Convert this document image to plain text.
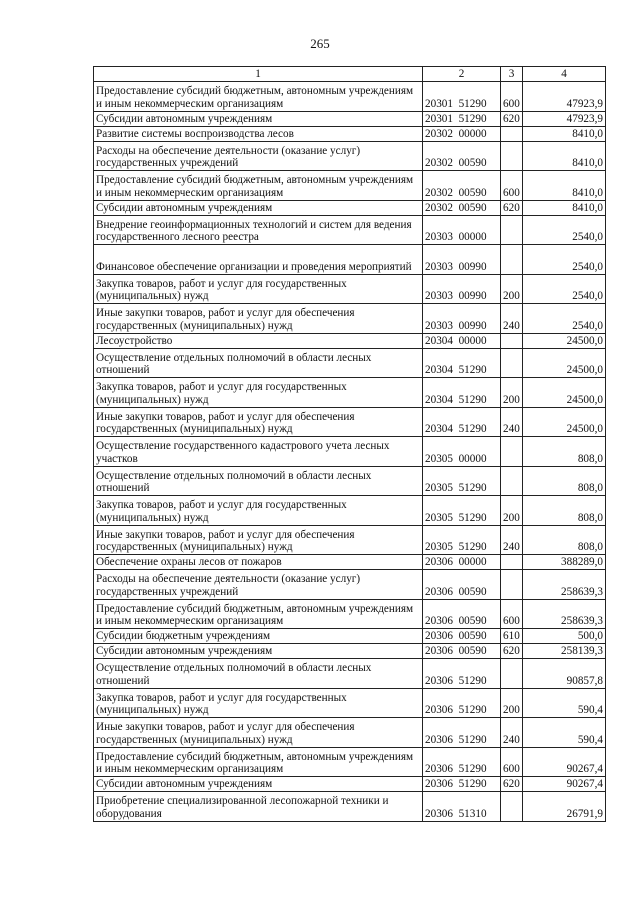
265
1	2	3	4
Предоставление субсидий бюджетным, автономным учреждениям и иным некоммерческим организациям	20301  51290	600	47923,9
Субсидии автономным учреждениям	20301  51290	620	47923,9
Развитие системы воспроизводства лесов	20302  00000		8410,0
Расходы на обеспечение деятельности (оказание услуг) государственных учреждений	20302  00590		8410,0
Предоставление субсидий бюджетным, автономным учреждениям и иным некоммерческим организациям	20302  00590	600	8410,0
Субсидии автономным учреждениям	20302  00590	620	8410,0
Внедрение геоинформационных технологий и систем для ведения государственного лесного реестра	20303  00000		2540,0
Финансовое обеспечение организации и проведения мероприятий	20303  00990		2540,0
Закупка товаров, работ и услуг для государственных (муниципальных) нужд	20303  00990	200	2540,0
Иные закупки товаров, работ и услуг для обеспечения государственных (муниципальных) нужд	20303  00990	240	2540,0
Лесоустройство	20304  00000		24500,0
Осуществление отдельных полномочий в области лесных отношений	20304  51290		24500,0
Закупка товаров, работ и услуг для государственных (муниципальных) нужд	20304  51290	200	24500,0
Иные закупки товаров, работ и услуг для обеспечения государственных (муниципальных) нужд	20304  51290	240	24500,0
Осуществление государственного кадастрового учета лесных участков	20305  00000		808,0
Осуществление отдельных полномочий в области лесных отношений	20305  51290		808,0
Закупка товаров, работ и услуг для государственных (муниципальных) нужд	20305  51290	200	808,0
Иные закупки товаров, работ и услуг для обеспечения государственных (муниципальных) нужд	20305  51290	240	808,0
Обеспечение охраны лесов от пожаров	20306  00000		388289,0
Расходы на обеспечение деятельности (оказание услуг) государственных учреждений	20306  00590		258639,3
Предоставление субсидий бюджетным, автономным учреждениям и иным некоммерческим организациям	20306  00590	600	258639,3
Субсидии бюджетным учреждениям	20306  00590	610	500,0
Субсидии автономным учреждениям	20306  00590	620	258139,3
Осуществление отдельных полномочий в области лесных отношений	20306  51290		90857,8
Закупка товаров, работ и услуг для государственных (муниципальных) нужд	20306  51290	200	590,4
Иные закупки товаров, работ и услуг для обеспечения государственных (муниципальных) нужд	20306  51290	240	590,4
Предоставление субсидий бюджетным, автономным учреждениям и иным некоммерческим организациям	20306  51290	600	90267,4
Субсидии автономным учреждениям	20306  51290	620	90267,4
Приобретение специализированной лесопожарной техники и оборудования	20306  51310		26791,9
